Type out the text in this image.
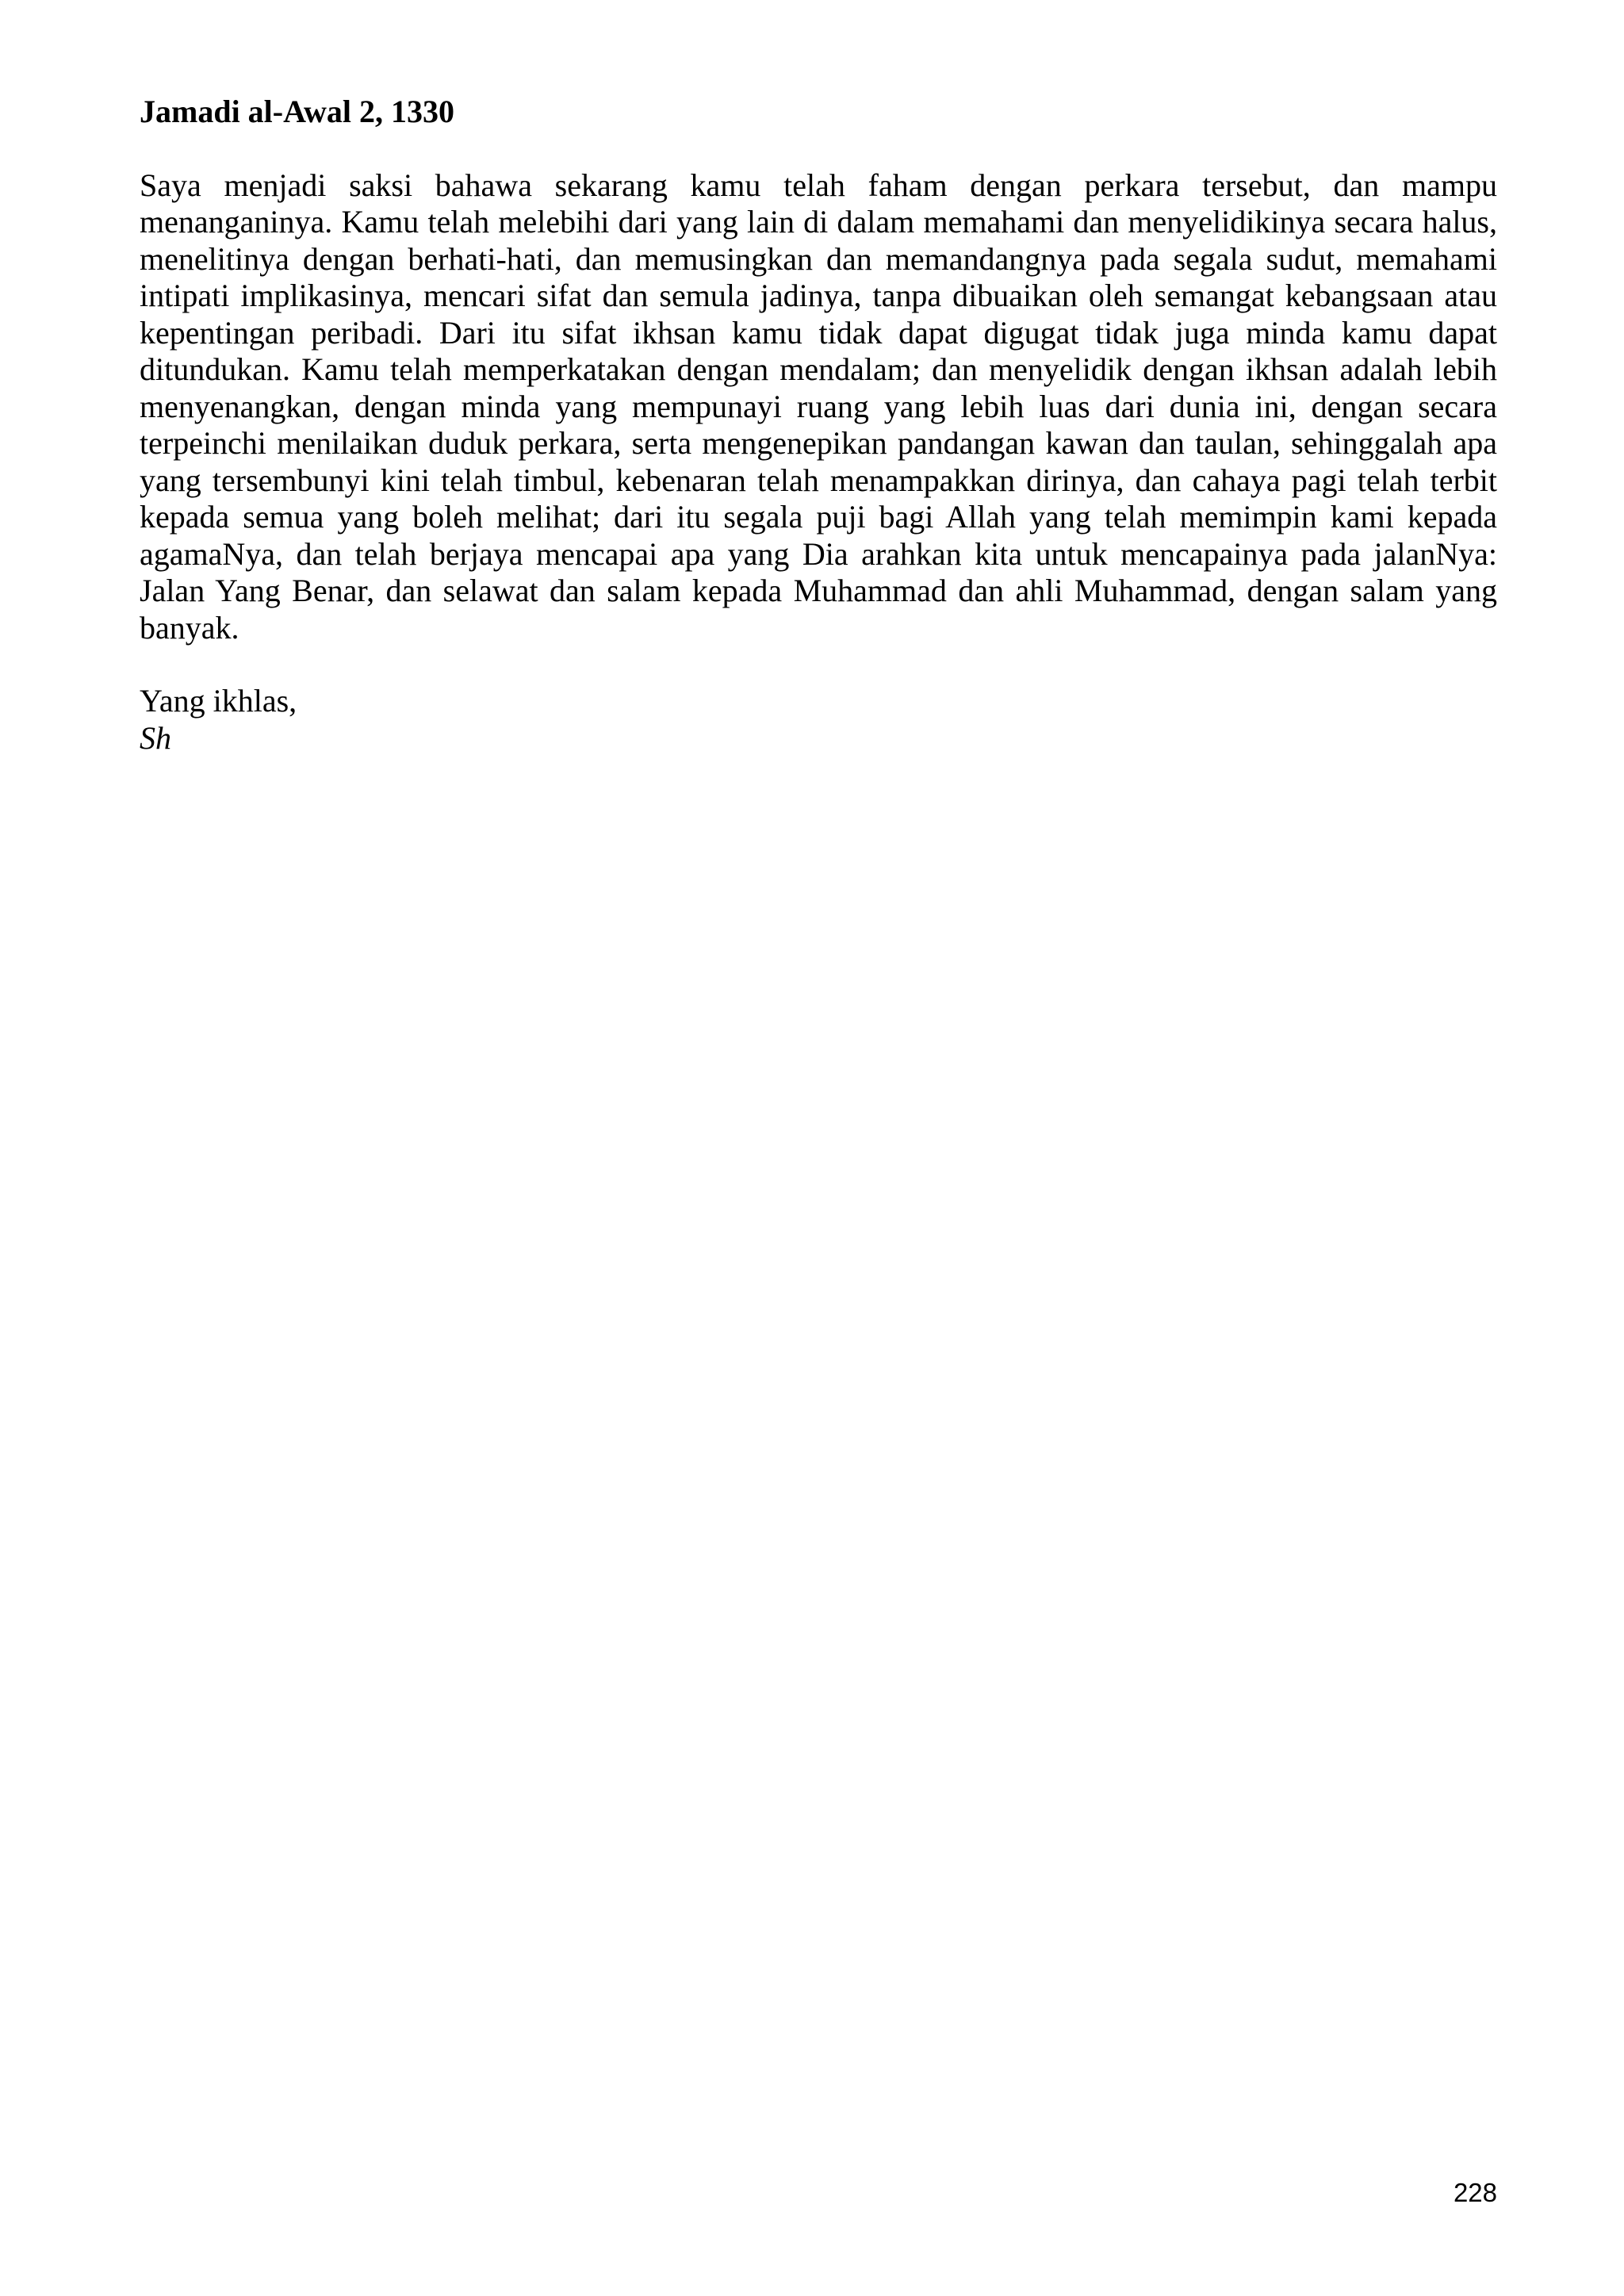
Jamadi al-Awal 2, 1330

Saya menjadi saksi bahawa sekarang kamu telah faham dengan perkara tersebut, dan mampu menanganinya. Kamu telah melebihi dari yang lain di dalam memahami dan menyelidikinya secara halus, menelitinya dengan berhati-hati, dan memusingkan dan memandangnya pada segala sudut, memahami intipati implikasinya, mencari sifat dan semula jadinya, tanpa dibuaikan oleh semangat kebangsaan atau kepentingan peribadi. Dari itu sifat ikhsan kamu tidak dapat digugat tidak juga minda kamu dapat ditundukan. Kamu telah memperkatakan dengan mendalam; dan menyelidik dengan ikhsan adalah lebih menyenangkan, dengan minda yang mempunayi ruang yang lebih luas dari dunia ini, dengan secara terpeinchi menilaikan duduk perkara, serta mengenepikan pandangan kawan dan taulan, sehinggalah apa yang tersembunyi kini telah timbul, kebenaran telah menampakkan dirinya, dan cahaya pagi telah terbit kepada semua yang boleh melihat; dari itu segala puji bagi Allah yang telah memimpin kami kepada agamaNya, dan telah berjaya mencapai apa yang Dia arahkan kita untuk mencapainya pada jalanNya: Jalan Yang Benar, dan selawat dan salam kepada Muhammad dan ahli Muhammad, dengan salam yang banyak.

Yang ikhlas,

Sh

228
